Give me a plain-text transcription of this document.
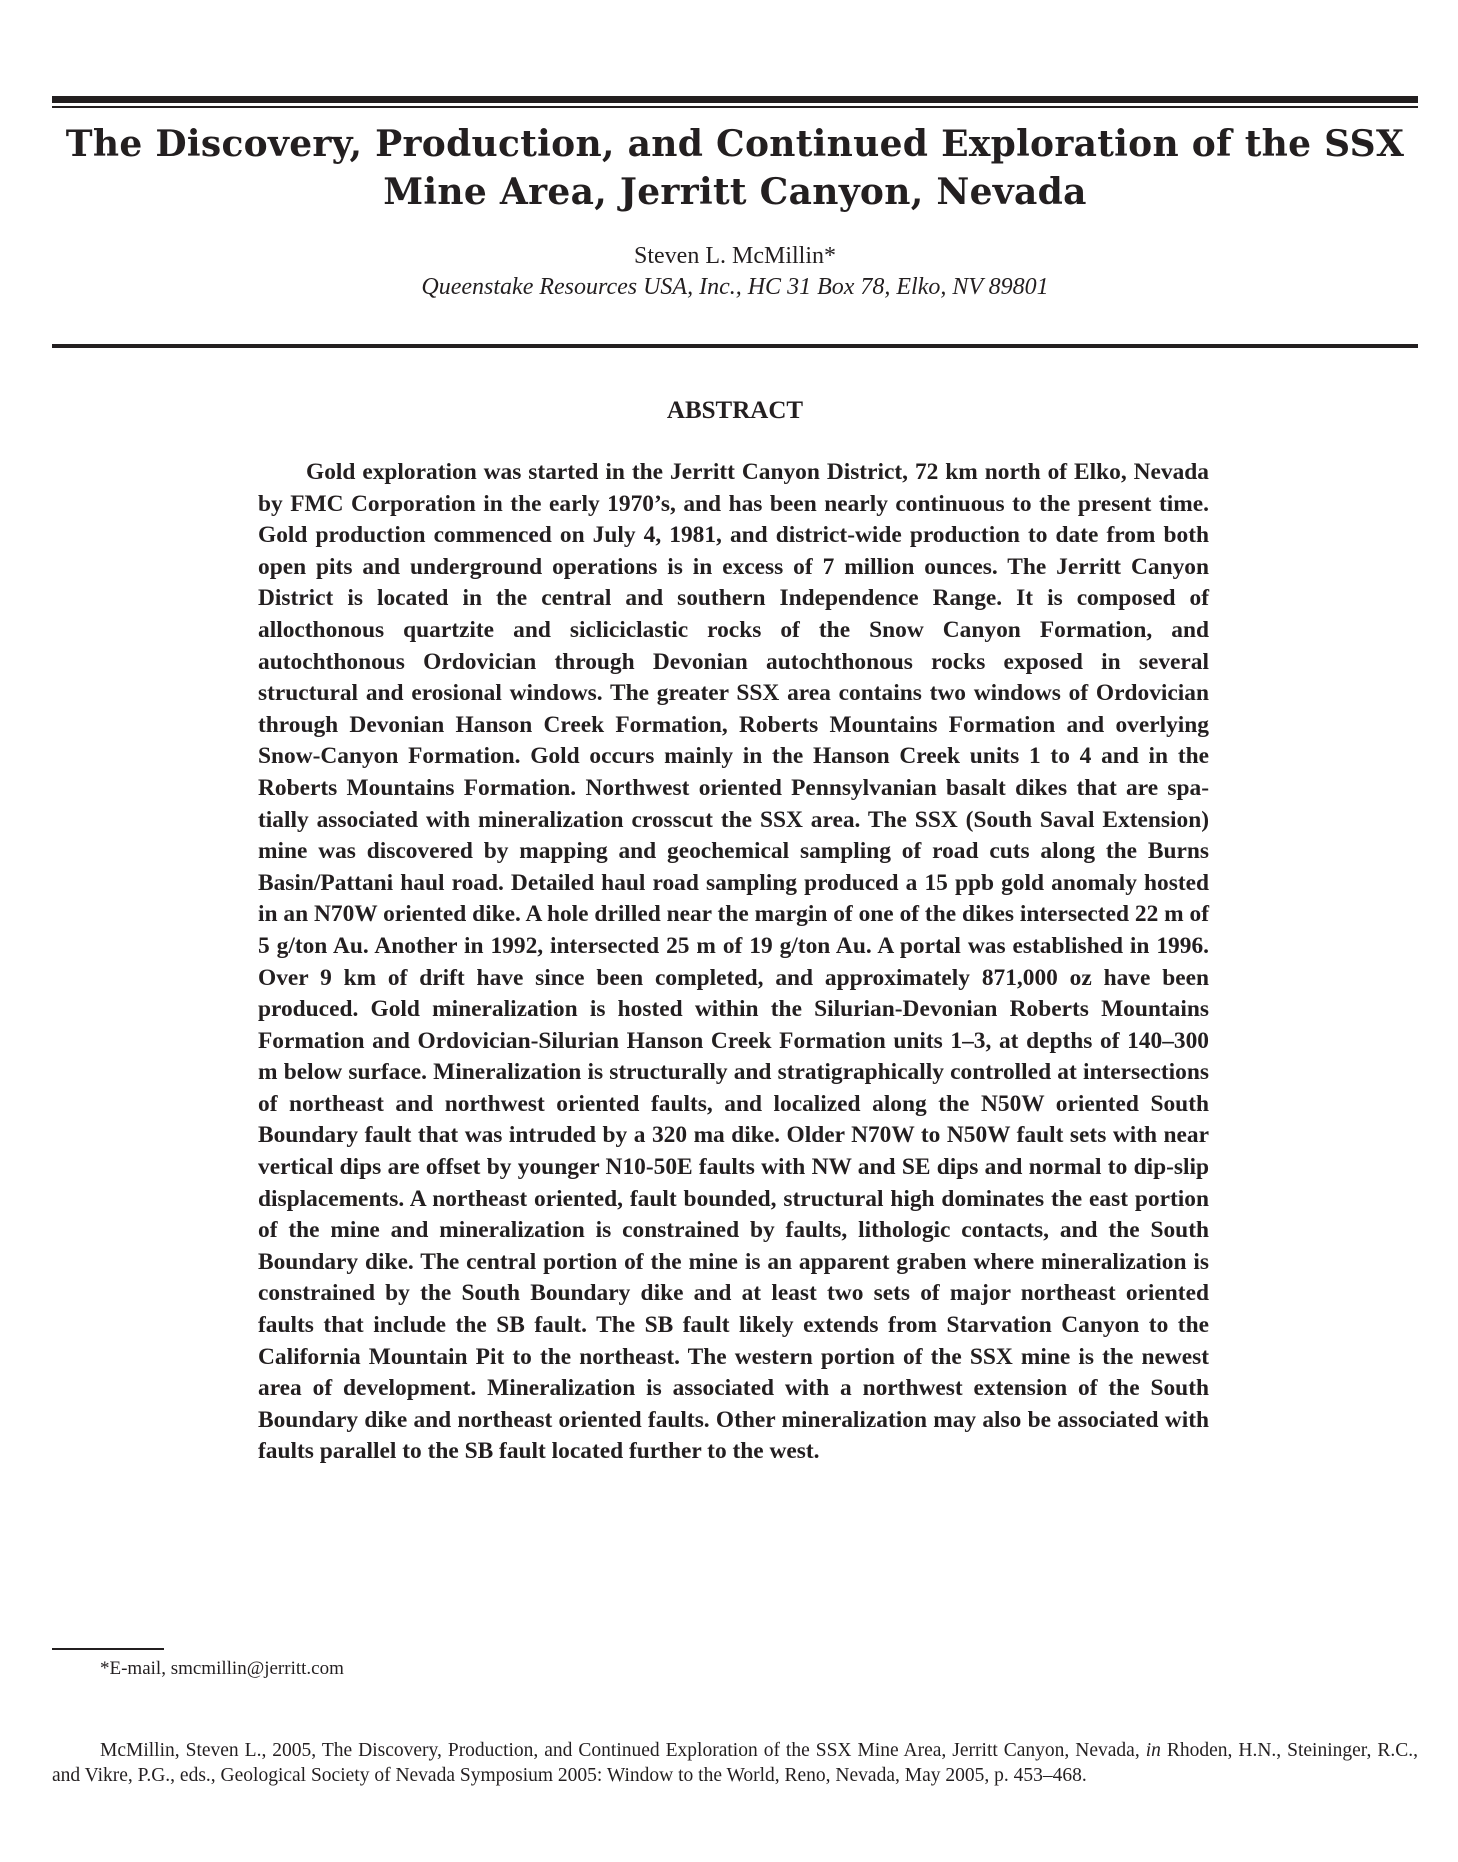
The Discovery, Production, and Continued Exploration of the SSX Mine Area, Jerritt Canyon, Nevada

Steven L. McMillin*

Queenstake Resources USA, Inc., HC 31 Box 78, Elko, NV 89801

ABSTRACT

Gold exploration was started in the Jerritt Canyon District, 72 km north of Elko, Nevada by FMC Corporation in the early 1970’s, and has been nearly continuous to the present time. Gold production commenced on July 4, 1981, and district-wide production to date from both open pits and underground operations is in excess of 7 million ounces. The Jerritt Canyon District is located in the central and southern Independence Range. It is composed of allocthonous quartzite and sicliciclastic rocks of the Snow Canyon Formation, and autochthonous Ordovician through Devonian autochthonous rocks exposed in several structural and erosional windows. The greater SSX area contains two windows of Ordovician through Devonian Hanson Creek Formation, Roberts Mountains Formation and overlying Snow-Canyon Formation. Gold occurs mainly in the Hanson Creek units 1 to 4 and in the Roberts Mountains Formation. Northwest oriented Pennsylvanian basalt dikes that are spatially associated with mineralization crosscut the SSX area. The SSX (South Saval Extension) mine was discovered by mapping and geochemical sampling of road cuts along the Burns Basin/Pattani haul road. Detailed haul road sampling produced a 15 ppb gold anomaly hosted in an N70W oriented dike. A hole drilled near the margin of one of the dikes intersected 22 m of 5 g/ton Au. Another in 1992, intersected 25 m of 19 g/ton Au. A portal was established in 1996. Over 9 km of drift have since been completed, and approximately 871,000 oz have been produced. Gold mineralization is hosted within the Silurian-Devonian Roberts Mountains Formation and Ordovician-Silurian Hanson Creek Formation units 1–3, at depths of 140–300 m below surface. Mineralization is structurally and stratigraphically controlled at intersections of northeast and northwest oriented faults, and localized along the N50W oriented South Boundary fault that was intruded by a 320 ma dike. Older N70W to N50W fault sets with near vertical dips are offset by younger N10-50E faults with NW and SE dips and normal to dip-slip displacements. A northeast oriented, fault bounded, structural high dominates the east portion of the mine and mineralization is constrained by faults, lithologic contacts, and the South Boundary dike. The central portion of the mine is an apparent graben where mineralization is constrained by the South Boundary dike and at least two sets of major northeast oriented faults that include the SB fault. The SB fault likely extends from Starvation Canyon to the California Mountain Pit to the northeast. The western portion of the SSX mine is the newest area of development. Mineralization is associated with a northwest extension of the South Boundary dike and northeast oriented faults. Other mineralization may also be associated with faults parallel to the SB fault located further to the west.

*E-mail, smcmillin@jerritt.com

McMillin, Steven L., 2005, The Discovery, Production, and Continued Exploration of the SSX Mine Area, Jerritt Canyon, Nevada, in Rhoden, H.N., Steininger, R.C., and Vikre, P.G., eds., Geological Society of Nevada Symposium 2005: Window to the World, Reno, Nevada, May 2005, p. 453–468.
